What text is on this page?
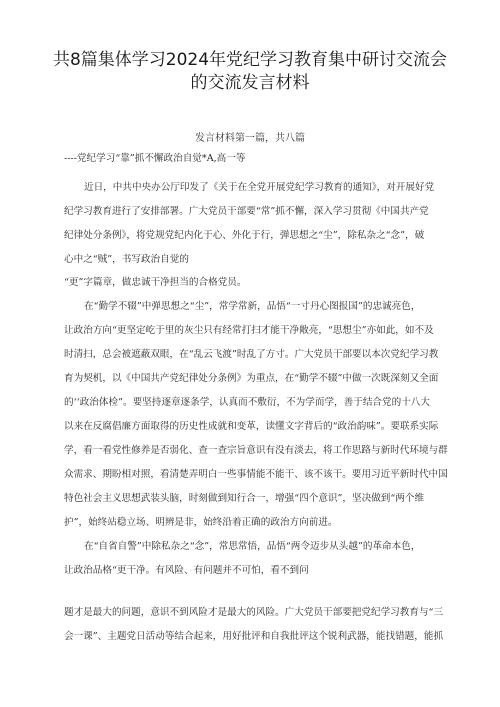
共8篇集体学习2024年党纪学习教育集中研讨交流会
的交流发言材料
发言材料第一篇，共八篇
----党纪学习“靠”抓不懈政治自觉*A,高一等
近日，中共中央办公厅印发了《关于在全党开展党纪学习教育的通知》，对开展好党
纪学习教育进行了安排部署。广大党员干部要“常”抓不懈，深入学习贯彻《中国共产党
纪律处分条例》，将党规党纪内化于心、外化于行，弹思想之“尘”，除私杂之“念”，破
心中之“贼”，书写政治自觉的
“更”字篇章，做忠诚干净担当的合格党员。
在“勤学不辍”中弹思想之“尘”，常学常新，品悟“一寸丹心图报国”的忠诚亮色，
让政治方向“更坚定屹于里的灰尘只有经常打扫才能干净敞亮，“思想尘”亦如此，如不及
时清扫，总会被遮蔽双眼，在“乱云飞渡”时乱了方寸。广大党员干部要以本次党纪学习教
育为契机，以《中国共产党纪律处分条例》为重点，在“勤学不辍”中做一次既深刻又全面
的‘‘政治体检”。要坚持逐章逐条学，认真而不敷衍，不为学而学，善于结合党的十八大
以来在反腐倡廉方面取得的历史性成就和变革，读懂文字背后的“政治韵味”。要联系实际
学，看一看党性修养是否弱化、查一查宗旨意识有没有淡去，将工作思路与新时代环境与群
众需求、期盼相对照，看清楚弄明白一些事情能不能干、该不该干。要用习近平新时代中国
特色社会主义思想武装头脑，时刻做到知行合一，增强“四个意识”，坚决做到“两个维
护”，始终站稳立场、明辨是非，始终沿着正确的政治方向前进。
在“自省自警”中除私杂之“念”，常思常悟，品悟“两令迈步从头越”的革命本色，
让政治品格“更干净。有风险、有问题并不可怕，看不到问
题才是最大的问题，意识不到风险才是最大的风险。广大党员干部要把党纪学习教育与“三
会一课”、主题党日活动等结合起来，用好批评和自我批评这个锐利武器，能找错题，能抓
